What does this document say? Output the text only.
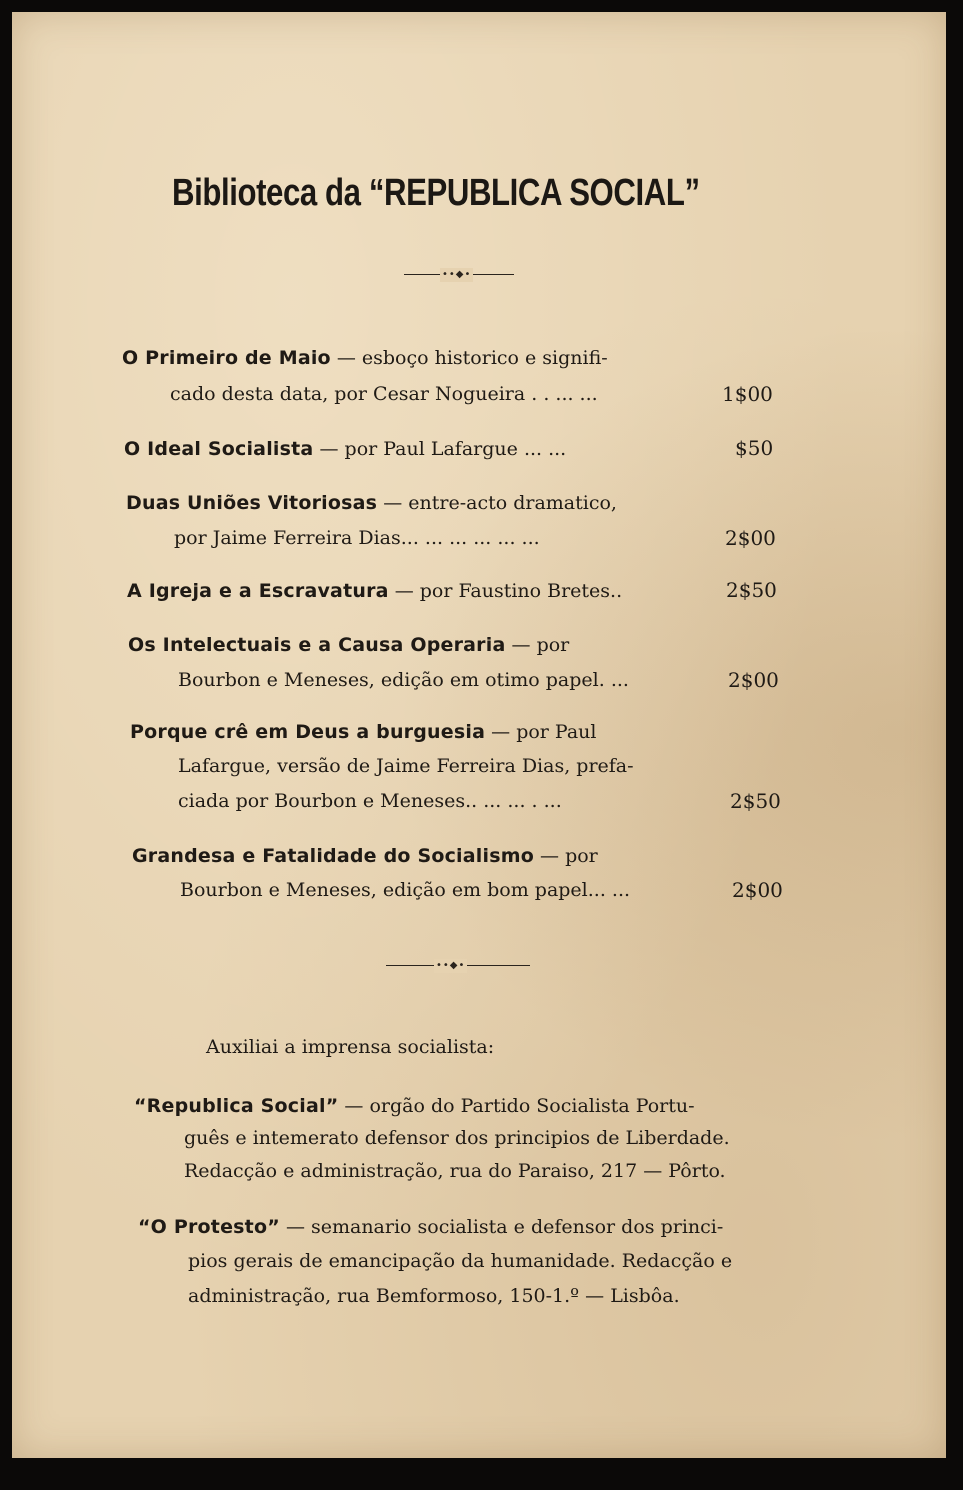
Biblioteca da “REPUBLICA SOCIAL”
••◆•
O Primeiro de Maio — esboço historico e signifi-
cado desta data, por Cesar Nogueira . . ... ...	1$00
O Ideal Socialista — por Paul Lafargue ... ...	$50
Duas Uniões Vitoriosas — entre-acto dramatico,
por Jaime Ferreira Dias... ... ... ... ... ...	2$00
A Igreja e a Escravatura — por Faustino Bretes..	2$50
Os Intelectuais e a Causa Operaria — por
Bourbon e Meneses, edição em otimo papel. ...	2$00
Porque crê em Deus a burguesia — por Paul
Lafargue, versão de Jaime Ferreira Dias, prefa-
ciada por Bourbon e Meneses.. ... ... . ...	2$50
Grandesa e Fatalidade do Socialismo — por
Bourbon e Meneses, edição em bom papel... ...	2$00
••◆•
Auxiliai a imprensa socialista:
“Republica Social” — orgão do Partido Socialista Portu-
guês e intemerato defensor dos principios de Liberdade.
Redacção e administração, rua do Paraiso, 217 — Pôrto.
“O Protesto” — semanario socialista e defensor dos princi-
pios gerais de emancipação da humanidade. Redacção e
administração, rua Bemformoso, 150-1.º — Lisbôa.
